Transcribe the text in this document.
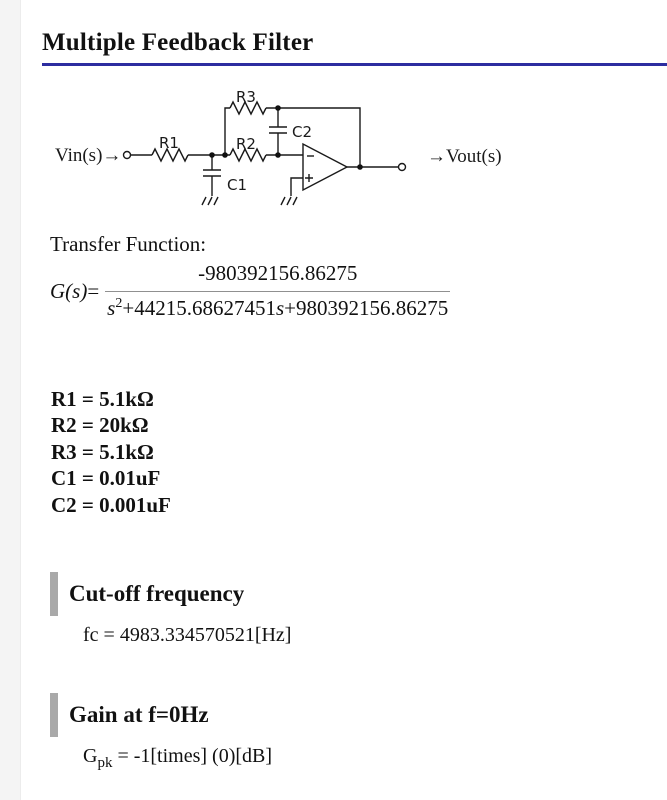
Multiple Feedback Filter
R1	R2
R3
C1
C2
Vin(s)→	→Vout(s)
Transfer Function:
$G(s)= \frac{-980392156.86275}{s^2+44215.68627451s+980392156.86275}$
R1 = 5.1kΩ
R2 = 20kΩ
R3 = 5.1kΩ
C1 = 0.01uF
C2 = 0.001uF
Cut-off frequency
fc = 4983.334570521[Hz]
Gain at f=0Hz
$G_{pk}$ = -1[times] (0)[dB]
